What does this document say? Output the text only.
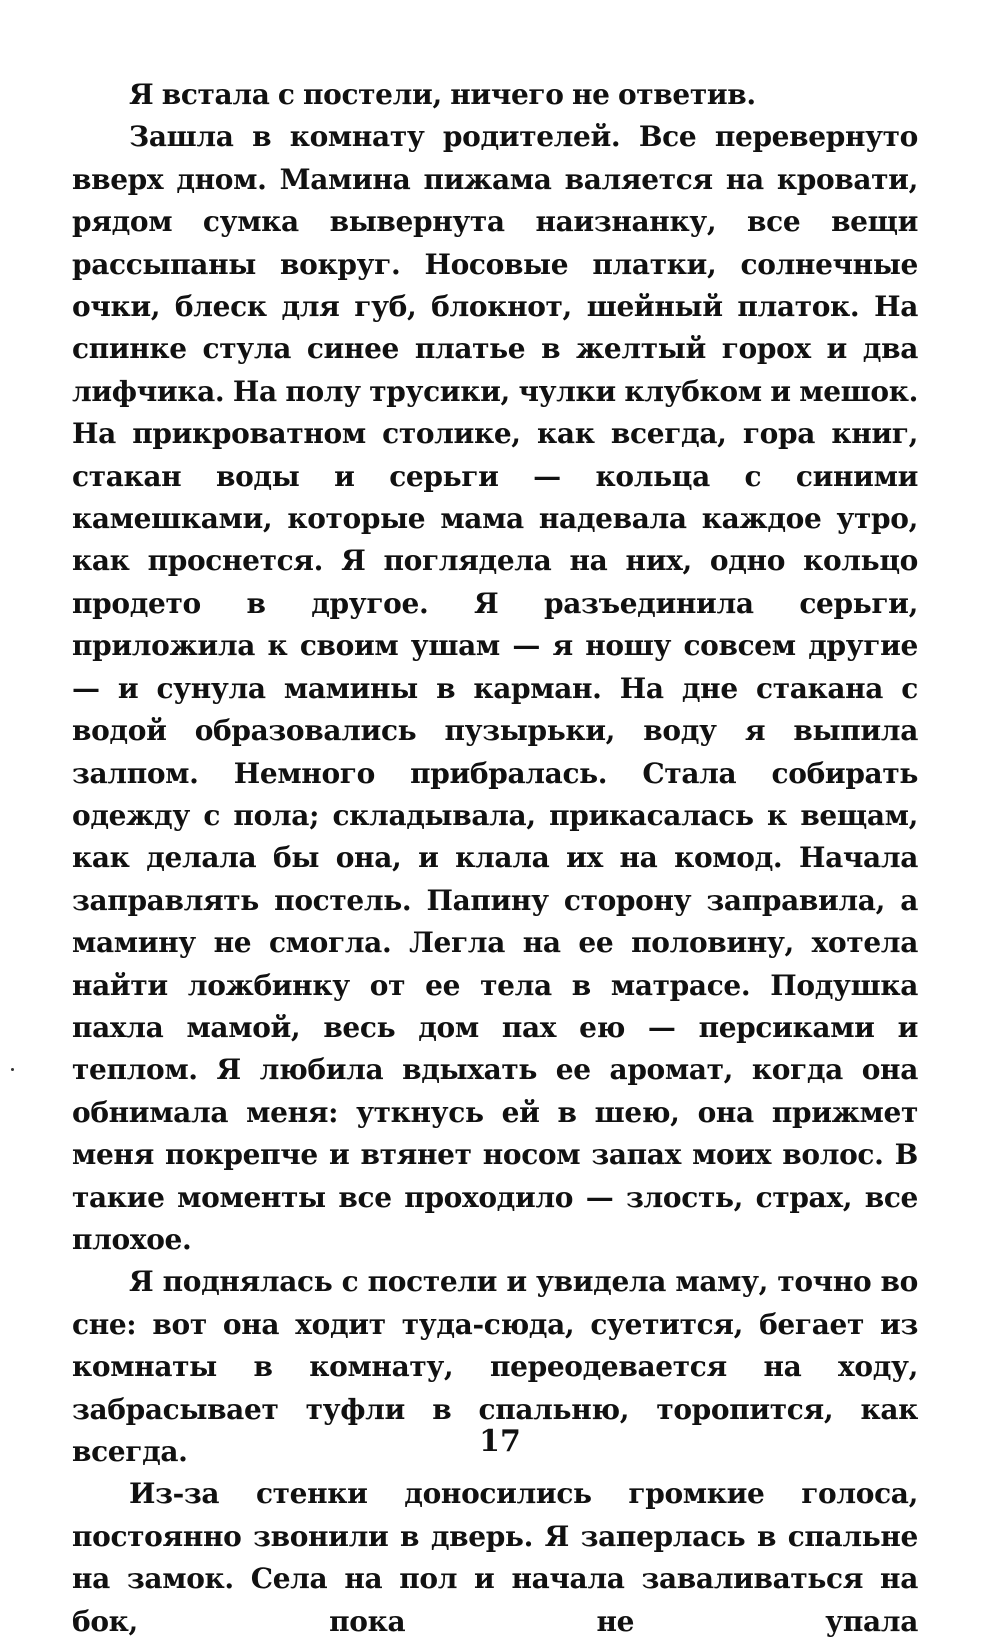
Я встала с постели, ничего не ответив.

Зашла в комнату родителей. Все перевернуто вверх дном. Мамина пижама валяется на кровати, рядом сумка вывернута наизнанку, все вещи рассыпаны вокруг. Носовые платки, солнечные очки, блеск для губ, блокнот, шейный платок. На спинке стула синее платье в желтый горох и два лифчика. На полу трусики, чулки клубком и мешок. На прикроватном столике, как всегда, гора книг, стакан воды и серьги — кольца с синими камешками, которые мама надевала каждое утро, как проснется. Я поглядела на них, одно кольцо продето в другое. Я разъединила серьги, приложила к своим ушам — я ношу совсем другие — и сунула мамины в карман. На дне стакана с водой образовались пузырьки, воду я выпила залпом. Немного прибралась. Стала собирать одежду с пола; складывала, прикасалась к вещам, как делала бы она, и клала их на комод. Начала заправлять постель. Папину сторону заправила, а мамину не смогла. Легла на ее половину, хотела найти ложбинку от ее тела в матрасе. Подушка пахла мамой, весь дом пах ею — персиками и теплом. Я любила вдыхать ее аромат, когда она обнимала меня: уткнусь ей в шею, она прижмет меня покрепче и втянет носом запах моих волос. В такие моменты все проходило — злость, страх, все плохое.

Я поднялась с постели и увидела маму, точно во сне: вот она ходит туда-сюда, суетится, бегает из комнаты в комнату, переодевается на ходу, забрасывает туфли в спальню, торопится, как всегда.

Из-за стенки доносились громкие голоса, постоянно звонили в дверь. Я заперлась в спальне на замок. Села на пол и начала заваливаться на бок, пока не упала

17
